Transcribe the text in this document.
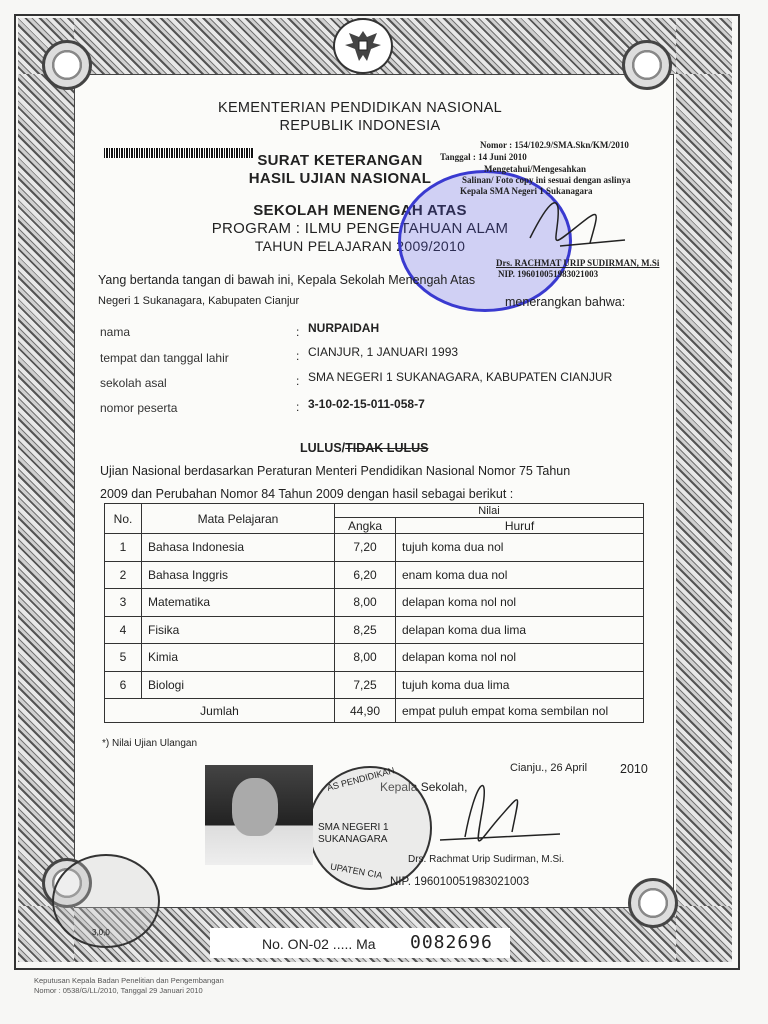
KEMENTERIAN PENDIDIKAN NASIONAL
REPUBLIK INDONESIA
SURAT KETERANGAN
HASIL UJIAN NASIONAL
SEKOLAH MENENGAH ATAS
PROGRAM : ILMU PENGETAHUAN ALAM
TAHUN PELAJARAN 2009/2010
Nomor : 154/102.9/SMA.Skn/KM/2010
Tanggal : 14 Juni 2010
Mengetahui/Mengesahkan
Salinan/ Foto copy ini sesuai dengan aslinya
Kepala SMA Negeri 1 Sukanagara
Drs. RACHMAT URIP SUDIRMAN, M.Si
NIP. 196010051983021003
Yang bertanda tangan di bawah ini, Kepala Sekolah Menengah Atas
Negeri 1 Sukanagara, Kabupaten Cianjur	menerangkan bahwa:
nama	: NURPAIDAH
tempat dan tanggal lahir	: CIANJUR, 1 JANUARI 1993
sekolah asal	: SMA NEGERI 1 SUKANAGARA, KABUPATEN CIANJUR
nomor peserta	: 3-10-02-15-011-058-7
LULUS/TIDAK LULUS
Ujian Nasional berdasarkan Peraturan Menteri Pendidikan Nasional Nomor 75 Tahun
2009 dan Perubahan Nomor 84 Tahun 2009 dengan hasil sebagai berikut :
No.	Mata Pelajaran	Nilai	
		Angka	Huruf
1	Bahasa Indonesia	7,20	tujuh koma dua nol
2	Bahasa Inggris	6,20	enam koma dua nol
3	Matematika	8,00	delapan koma nol nol
4	Fisika	8,25	delapan koma dua lima
5	Kimia	8,00	delapan koma nol nol
6	Biologi	7,25	tujuh koma dua lima
Jumlah		44,90	empat puluh empat koma sembilan nol
*) Nilai Ujian Ulangan
Cianju., 26 April	2010
Kepala Sekolah,
AS PENDIDIKAN
SMA NEGERI 1
SUKANAGARA
UPATEN CIA
Drs. Rachmat Urip Sudirman, M.Si.
NIP. 196010051983021003
3,0,0
No. ON-02 ..... Ma 0082696
Keputusan Kepala Badan Penelitian dan Pengembangan
Nomor : 0538/G/LL/2010, Tanggal 29 Januari 2010
